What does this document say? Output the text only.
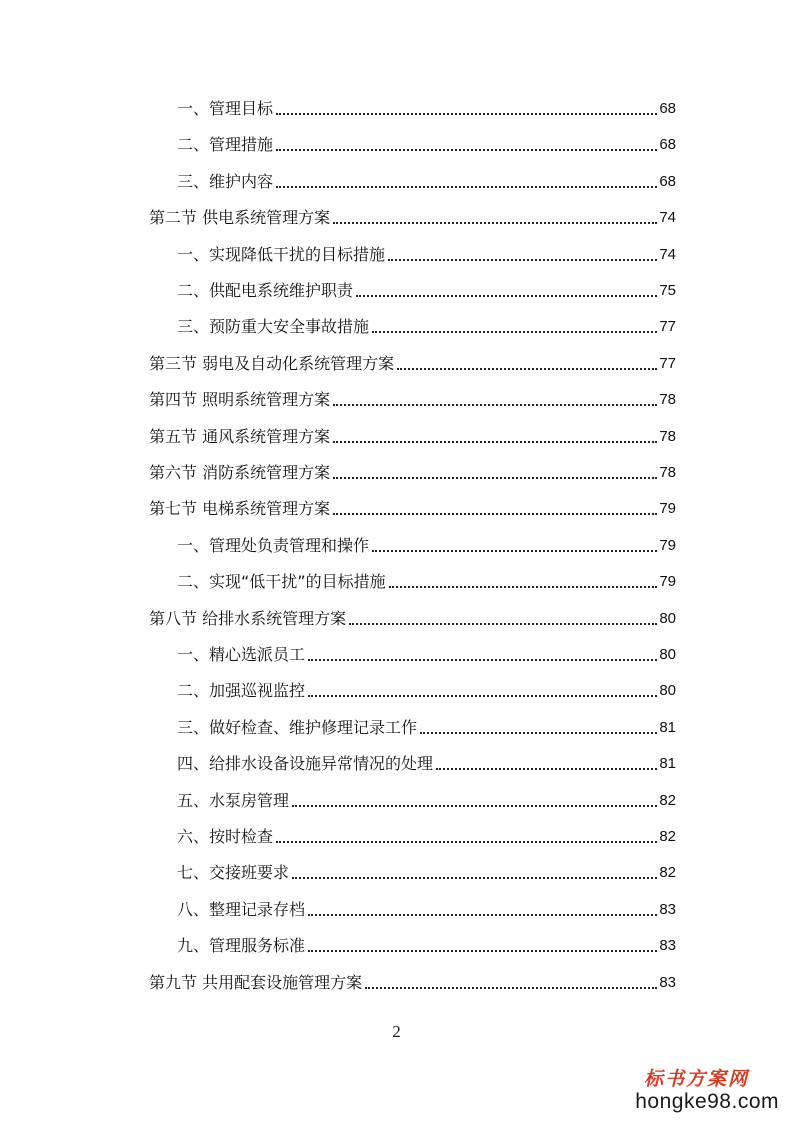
一、管理目标	68
二、管理措施	68
三、维护内容	68
第二节 供电系统管理方案	74
一、实现降低干扰的目标措施	74
二、供配电系统维护职责	75
三、预防重大安全事故措施	77
第三节 弱电及自动化系统管理方案	77
第四节 照明系统管理方案	78
第五节 通风系统管理方案	78
第六节 消防系统管理方案	78
第七节 电梯系统管理方案	79
一、管理处负责管理和操作	79
二、实现“低干扰”的目标措施	79
第八节 给排水系统管理方案	80
一、精心选派员工	80
二、加强巡视监控	80
三、做好检查、维护修理记录工作	81
四、给排水设备设施异常情况的处理	81
五、水泵房管理	82
六、按时检查	82
七、交接班要求	82
八、整理记录存档	83
九、管理服务标准	83
第九节 共用配套设施管理方案	83
2
标书方案网
hongke98.com
